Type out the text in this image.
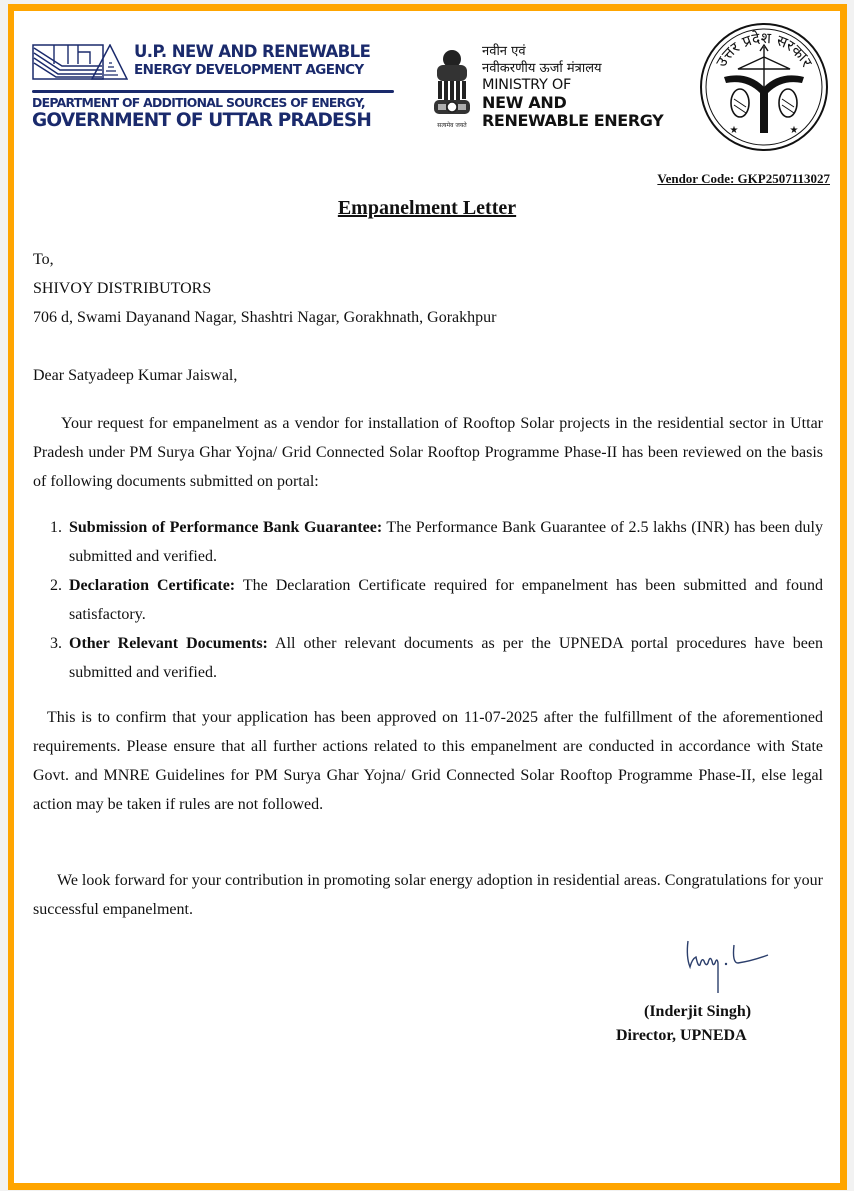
U.P. NEW AND RENEWABLE
ENERGY DEVELOPMENT AGENCY
DEPARTMENT OF ADDITIONAL SOURCES OF ENERGY,
GOVERNMENT OF UTTAR PRADESH	सत्यमेव जयते
नवीन एवं
नवीकरणीय ऊर्जा मंत्रालय
MINISTRY OF
NEW AND
RENEWABLE ENERGY
उत्तर प्रदेश सरकार
★	★
Vendor Code: GKP2507113027
Empanelment Letter
To,
SHIVOY DISTRIBUTORS
706 d, Swami Dayanand Nagar, Shashtri Nagar, Gorakhnath, Gorakhpur
Dear Satyadeep Kumar Jaiswal,
Your request for empanelment as a vendor for installation of Rooftop Solar projects in the residential sector in Uttar Pradesh under PM Surya Ghar Yojna/ Grid Connected Solar Rooftop Programme Phase-II has been reviewed on the basis of following documents submitted on portal:
1. Submission of Performance Bank Guarantee: The Performance Bank Guarantee of 2.5 lakhs (INR) has been duly submitted and verified.
2. Declaration Certificate: The Declaration Certificate required for empanelment has been submitted and found satisfactory.
3. Other Relevant Documents: All other relevant documents as per the UPNEDA portal procedures have been submitted and verified.
This is to confirm that your application has been approved on 11-07-2025 after the fulfillment of the aforementioned requirements. Please ensure that all further actions related to this empanelment are conducted in accordance with State Govt. and MNRE Guidelines for PM Surya Ghar Yojna/ Grid Connected Solar Rooftop Programme Phase-II, else legal action may be taken if rules are not followed.
We look forward for your contribution in promoting solar energy adoption in residential areas. Congratulations for your successful empanelment.
(Inderjit Singh)
Director, UPNEDA
